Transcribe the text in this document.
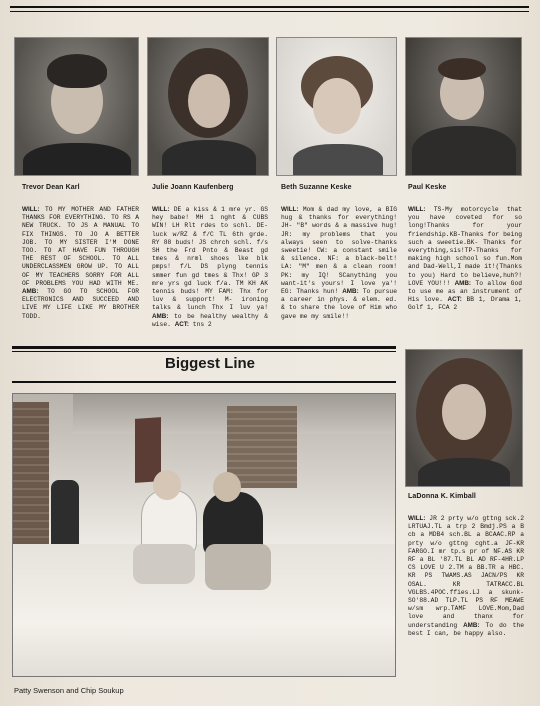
Trevor Dean Karl	Julie Joann Kaufenberg	Beth Suzanne Keske	Paul Keske
WILL: TO MY MOTHER AND FATHER THANKS FOR EVERYTHING. TO RS A NEW TRUCK. TO JS A MANUAL TO FIX THINGS. TO JO A BETTER JOB. TO MY SISTER I'M DONE TOO. TO AT HAVE FUN THROUGH THE REST OF SCHOOL. TO ALL UNDERCLASSMEN GROW UP. TO ALL OF MY TEACHERS SORRY FOR ALL OF PROBLEMS YOU HAD WITH ME. AMB: TO GO TO SCHOOL FOR ELECTRONICS AND SUCCEED AND LIVE MY LIFE LIKE MY BROTHER TODD.
WILL: DE a kiss & 1 mre yr. GS hey babe! MH 1 nght & CUBS WIN! LH Rlt rdes to schl. DE-luck w/RZ & f/C TL 6th grde. RY 88 buds! JS chrch schl. f/s SH the Frd Pnto & Beast gd tmes & nrml shoes lke blk pmps! f/L DS plyng tennis smmer fun gd tmes & Thx! GP 3 mre yrs gd luck f/a. TM KH AK tennis buds! MY FAM: Thx for luv & support! M- ironing talks & lunch Thx I luv ya! AMB: to be healthy wealthy & wise. ACT: tns 2
WILL: Mom & dad my love, a BIG hug & thanks for everything! JH- "B" words & a massive hug! JR: my problems that you always seen to solve-thanks sweetie! CW: a constant smile & silence. NF: a black-belt! LA: "M" men & a clean room! PK: my IQ! SCanything you want-it's yours! I love ya'! EG: Thanks hun! AMB: To pursue a career in phys. & elem. ed. & to share the love of Him who gave me my smile!!
WILL: TS-My motorcycle that you have coveted for so long!Thanks for your friendship.KB-Thanks for being such a sweetie.BK- Thanks for everything,sis!TP-Thanks for making high school so fun.Mom and Dad-Well,I made it!(Thanks to you) Hard to believe,huh?! LOVE YOU!!! AMB: To allow God to use me as an instrument of His love. ACT: BB 1, Drama 1, Golf 1, FCA 2
Biggest Line
Patty Swenson and Chip Soukup
LaDonna K. Kimball
WILL: JR 2 prty w/o gttng sck.2 LRTUAJ.TL a trp 2 Bmdj.PS a B cb a MDB4 sch.BL a BCAAC.RP a prty w/o gttng cght.a JF-KR FARGO.I mr tp.s pr of NF.AS KR RF a BL '87.TL BL AD RF-4HR.LP CS LOVE U 2.TM a BB.TR a HBC. KR PS TWAMS.AS JACN/PS KR OSAL. KR TATRACC.BL VGLBS.4POC.ffies.LJ a skunk-SO'88.AD TLP.TL PS RF MEAWE w/sm wrp.TAMF LOVE.Mom,Dad love and thanx for understanding AMB: To do the best I can, be happy also.
